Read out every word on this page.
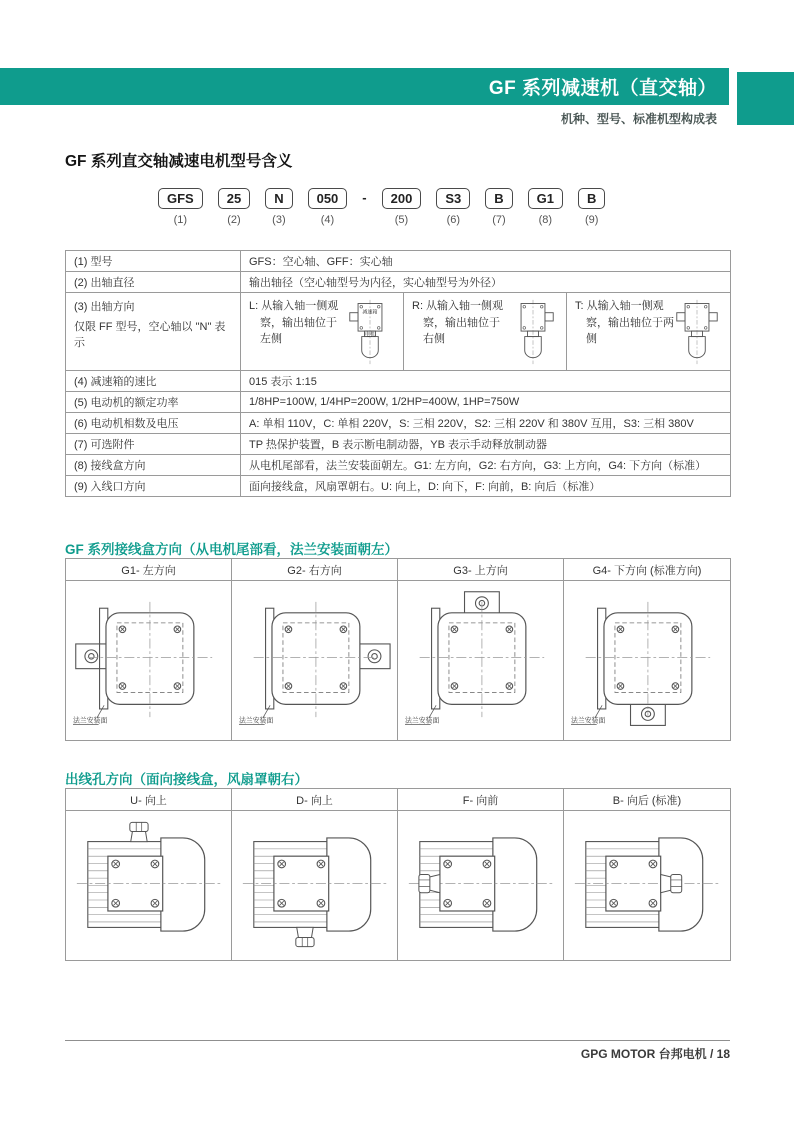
GF 系列减速机（直交轴）
机种、型号、标准机型构成表
GF 系列直交轴减速电机型号含义
GFS
(1)
25
(2)
N
(3)
050
(4)
-	200
(5)
S3
(6)
B
(7)
G1
(8)
B
(9)
(1) 型号	GFS：空心轴、GFF：实心轴		
(2) 出轴直径	输出轴径（空心轴型号为内径，实心轴型号为外径）		
(3) 出轴方向
仅限 FF 型号，空心轴以 "N" 表示

L: 从输入轴一侧观察，输出轴位于左侧
减速箱
电机

R: 从输入轴一侧观察，输出轴位于右侧

T: 从输入轴一侧观察，输出轴位于两侧

(4) 减速箱的速比	015 表示 1:15		
(5) 电动机的额定功率	1/8HP=100W, 1/4HP=200W, 1/2HP=400W, 1HP=750W		
(6) 电动机相数及电压	A: 单相 110V，C: 单相 220V，S: 三相 220V，S2: 三相 220V 和 380V 互用，S3: 三相 380V		
(7) 可选附件	TP 热保护装置，B 表示断电制动器，YB 表示手动释放制动器		
(8) 接线盒方向	从电机尾部看，法兰安装面朝左。G1: 左方向，G2: 右方向，G3: 上方向，G4: 下方向（标准）		
(9) 入线口方向	面向接线盒，风扇罩朝右。U: 向上，D: 向下，F: 向前，B: 向后（标准）		
GF 系列接线盒方向（从电机尾部看，法兰安装面朝左）
G1- 左方向	G2- 右方向	G3- 上方向	G4- 下方向 (标准方向)

法兰安装面	法兰安装面	法兰安装面	法兰安装面
出线孔方向（面向接线盒，风扇罩朝右）
U- 向上	D- 向上	F- 向前	B- 向后 (标准)

GPG MOTOR 台邦电机 / 18
